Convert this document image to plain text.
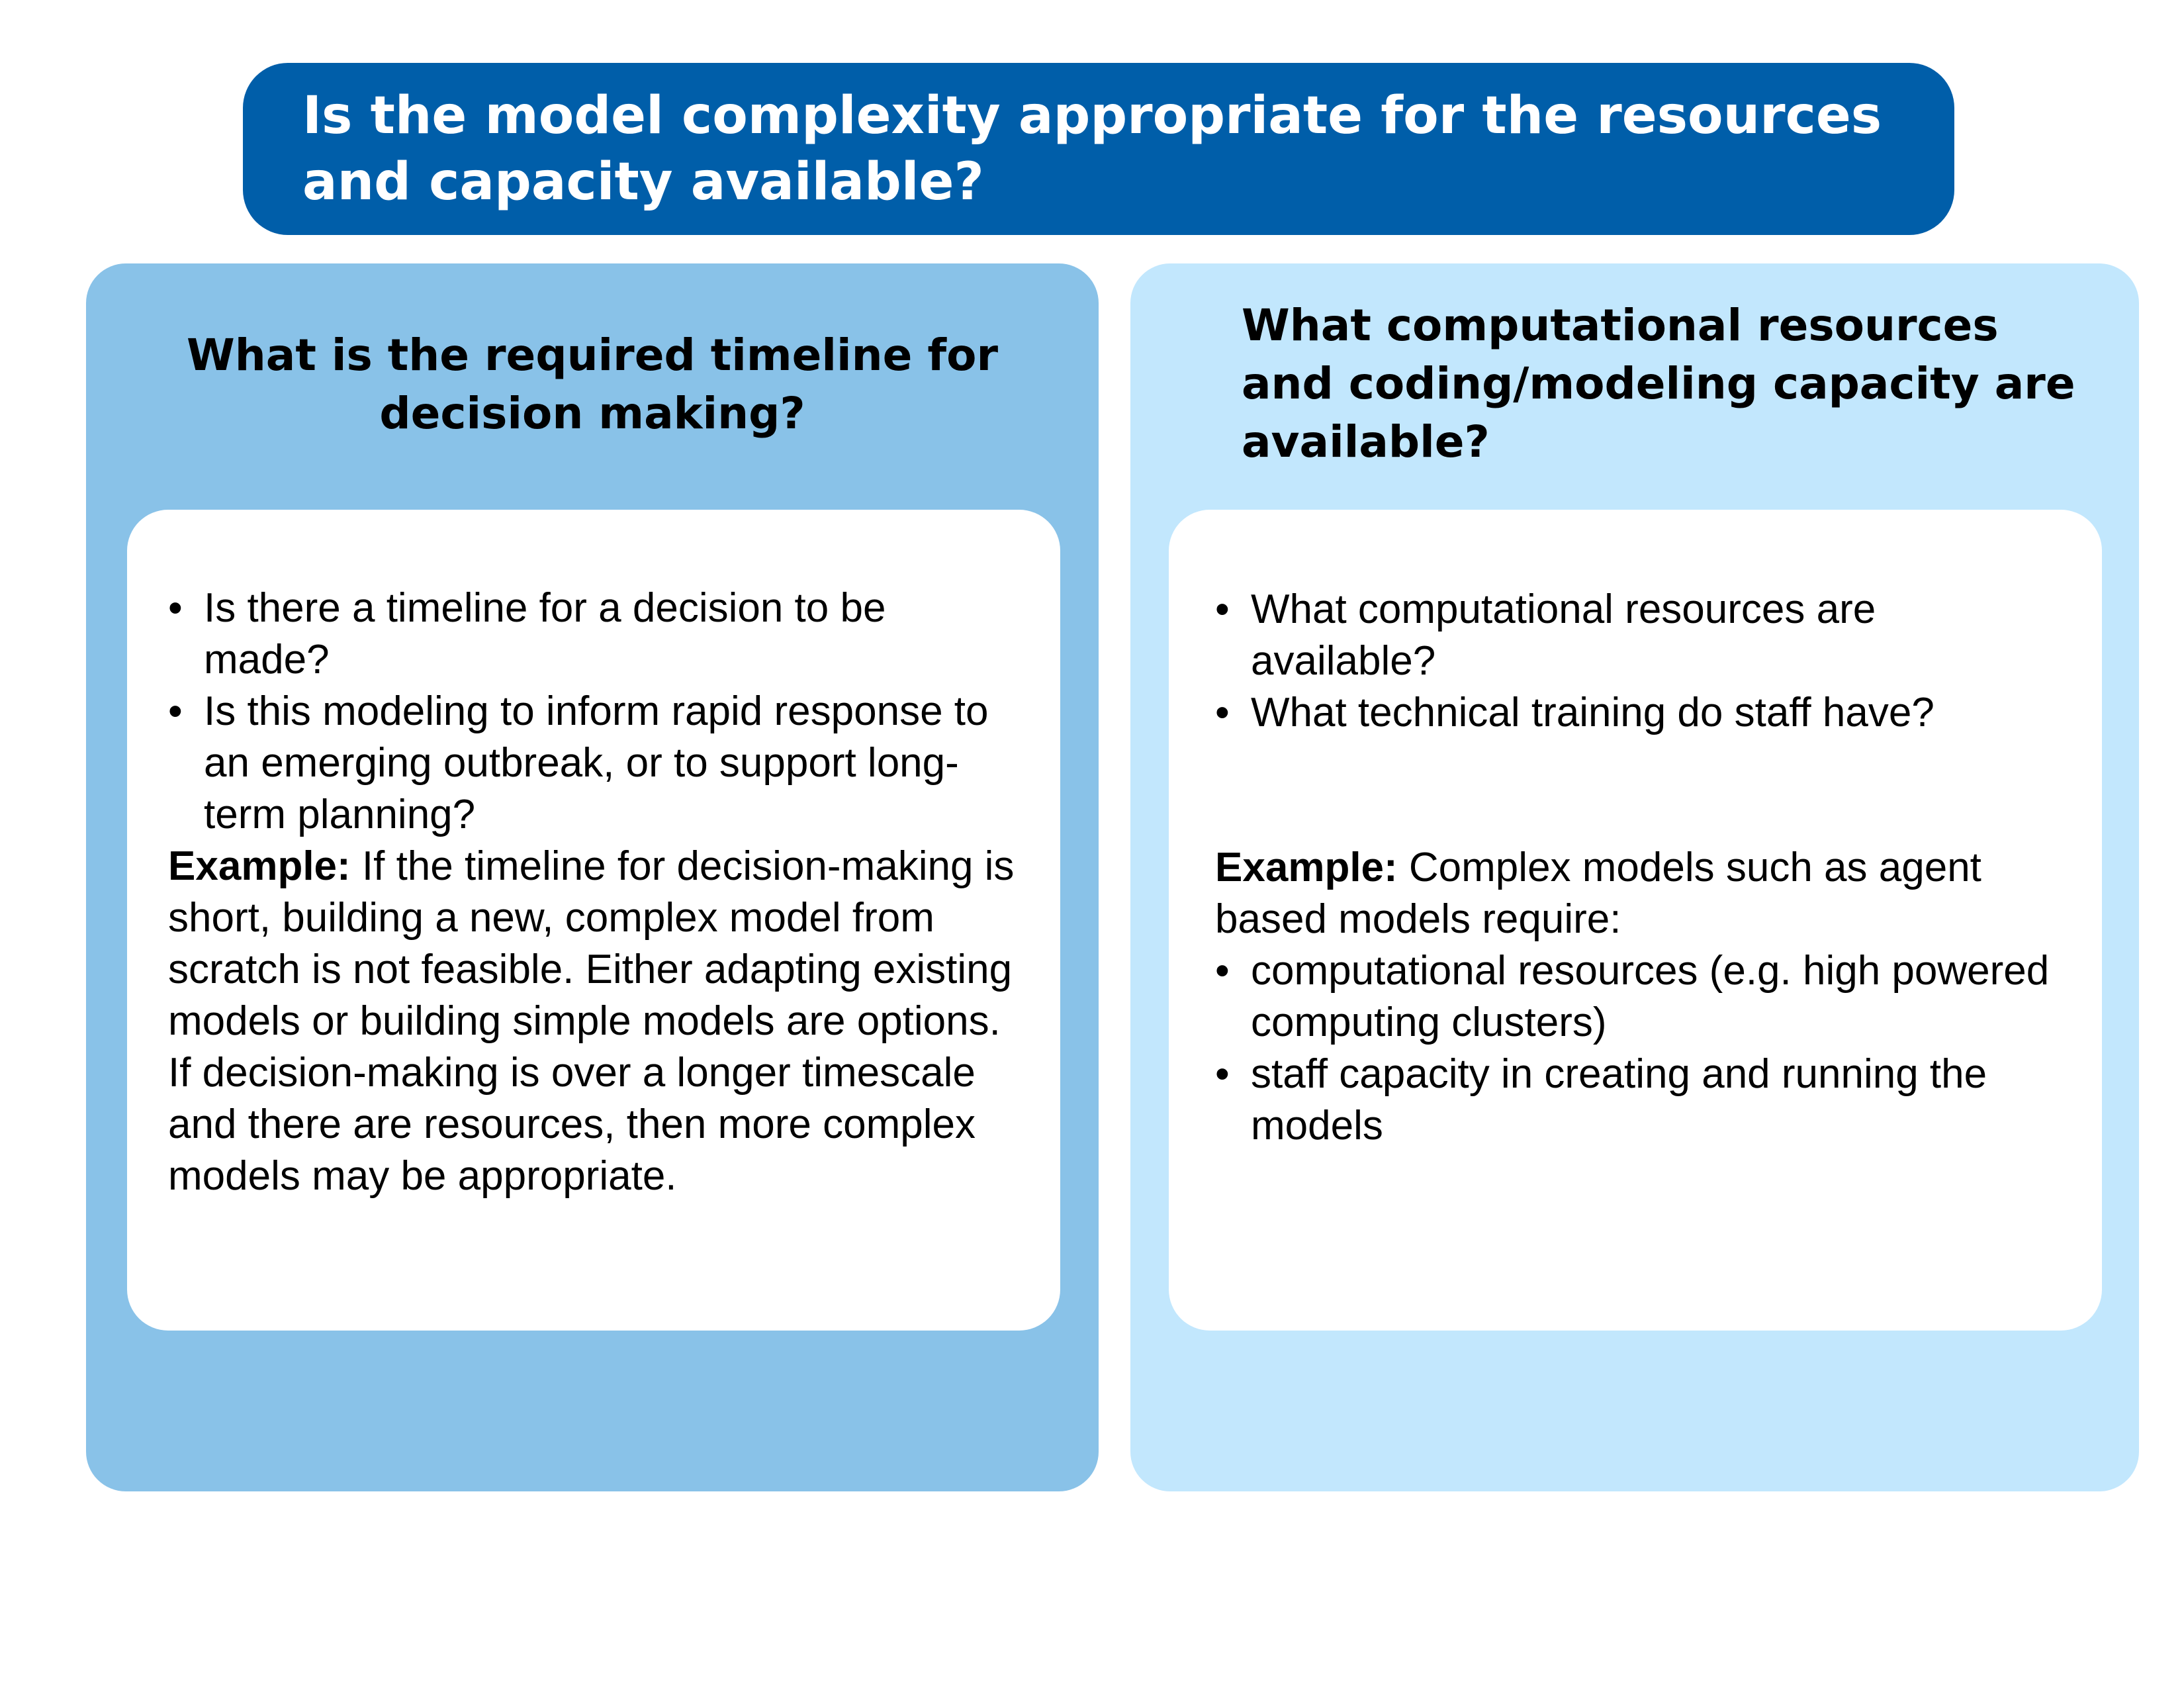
Is the model complexity appropriate for the resources and capacity available?
What is the required timeline for decision making?
• Is there a timeline for a decision to be made?
• Is this modeling to inform rapid response to an emerging outbreak, or to support long-term planning?

Example: If the timeline for decision-making is short, building a new, complex model from scratch is not feasible. Either adapting existing models or building simple models are options. If decision-making is over a longer timescale and there are resources, then more complex models may be appropriate.

What computational resources and coding/modeling capacity are available?
• What computational resources are available?
• What technical training do staff have?

Example: Complex models such as agent based models require:

• computational resources (e.g. high powered computing clusters)
• staff capacity in creating and running the models
